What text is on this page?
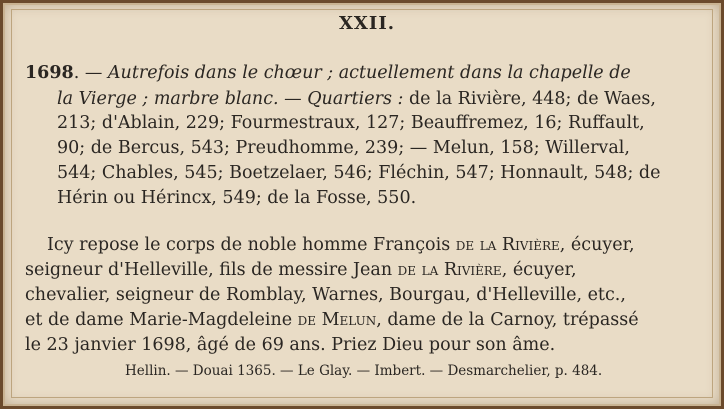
XXII.
1698. — Autrefois dans le chœur ; actuellement dans la chapelle de
la Vierge ; marbre blanc. — Quartiers : de la Rivière, 448; de Waes,
213; d'Ablain, 229; Fourmestraux, 127; Beauffremez, 16; Ruffault,
90; de Bercus, 543; Preudhomme, 239; — Melun, 158; Willerval,
544; Chables, 545; Boetzelaer, 546; Fléchin, 547; Honnault, 548; de
Hérin ou Hérincx, 549; de la Fosse, 550.
Icy repose le corps de noble homme François de la Rivière, écuyer,
seigneur d'Helleville, fils de messire Jean de la Rivière, écuyer,
chevalier, seigneur de Romblay, Warnes, Bourgau, d'Helleville, etc.,
et de dame Marie-Magdeleine de Melun, dame de la Carnoy, trépassé
le 23 janvier 1698, âgé de 69 ans. Priez Dieu pour son âme.
Hellin. — Douai 1365. — Le Glay. — Imbert. — Desmarchelier, p. 484.
